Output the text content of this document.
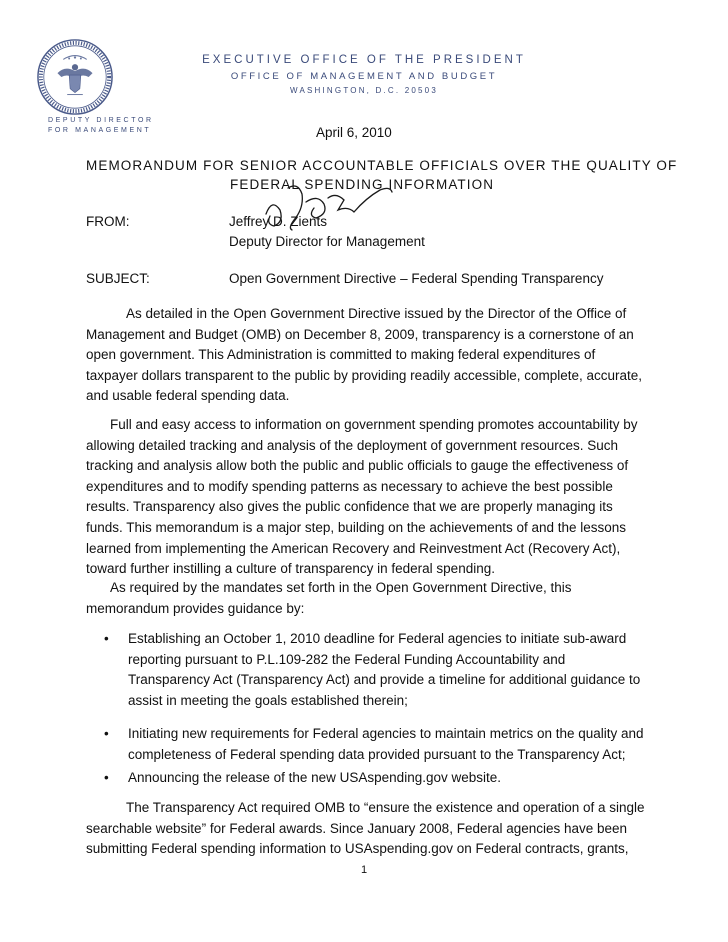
EXECUTIVE OFFICE OF THE PRESIDENT
OFFICE OF MANAGEMENT AND BUDGET
WASHINGTON, D.C. 20503
DEPUTY DIRECTOR
FOR MANAGEMENT	April 6, 2010
MEMORANDUM FOR SENIOR ACCOUNTABLE OFFICIALS OVER THE QUALITY OF
FEDERAL SPENDING INFORMATION
FROM:	Jeffrey D. Zients
Deputy Director for Management
SUBJECT:	Open Government Directive – Federal Spending Transparency

As detailed in the Open Government Directive issued by the Director of the Office of Management and Budget (OMB) on December 8, 2009, transparency is a cornerstone of an open government. This Administration is committed to making federal expenditures of taxpayer dollars transparent to the public by providing readily accessible, complete, accurate, and usable federal spending data.

Full and easy access to information on government spending promotes accountability by allowing detailed tracking and analysis of the deployment of government resources. Such tracking and analysis allow both the public and public officials to gauge the effectiveness of expenditures and to modify spending patterns as necessary to achieve the best possible results. Transparency also gives the public confidence that we are properly managing its funds. This memorandum is a major step, building on the achievements of and the lessons learned from implementing the American Recovery and Reinvestment Act (Recovery Act), toward further instilling a culture of transparency in federal spending.

As required by the mandates set forth in the Open Government Directive, this memorandum provides guidance by:

• Establishing an October 1, 2010 deadline for Federal agencies to initiate sub-award reporting pursuant to P.L.109-282 the Federal Funding Accountability and Transparency Act (Transparency Act) and provide a timeline for additional guidance to assist in meeting the goals established therein;
• Initiating new requirements for Federal agencies to maintain metrics on the quality and completeness of Federal spending data provided pursuant to the Transparency Act;
• Announcing the release of the new USAspending.gov website.

The Transparency Act required OMB to “ensure the existence and operation of a single searchable website” for Federal awards. Since January 2008, Federal agencies have been submitting Federal spending information to USAspending.gov on Federal contracts, grants,

1
